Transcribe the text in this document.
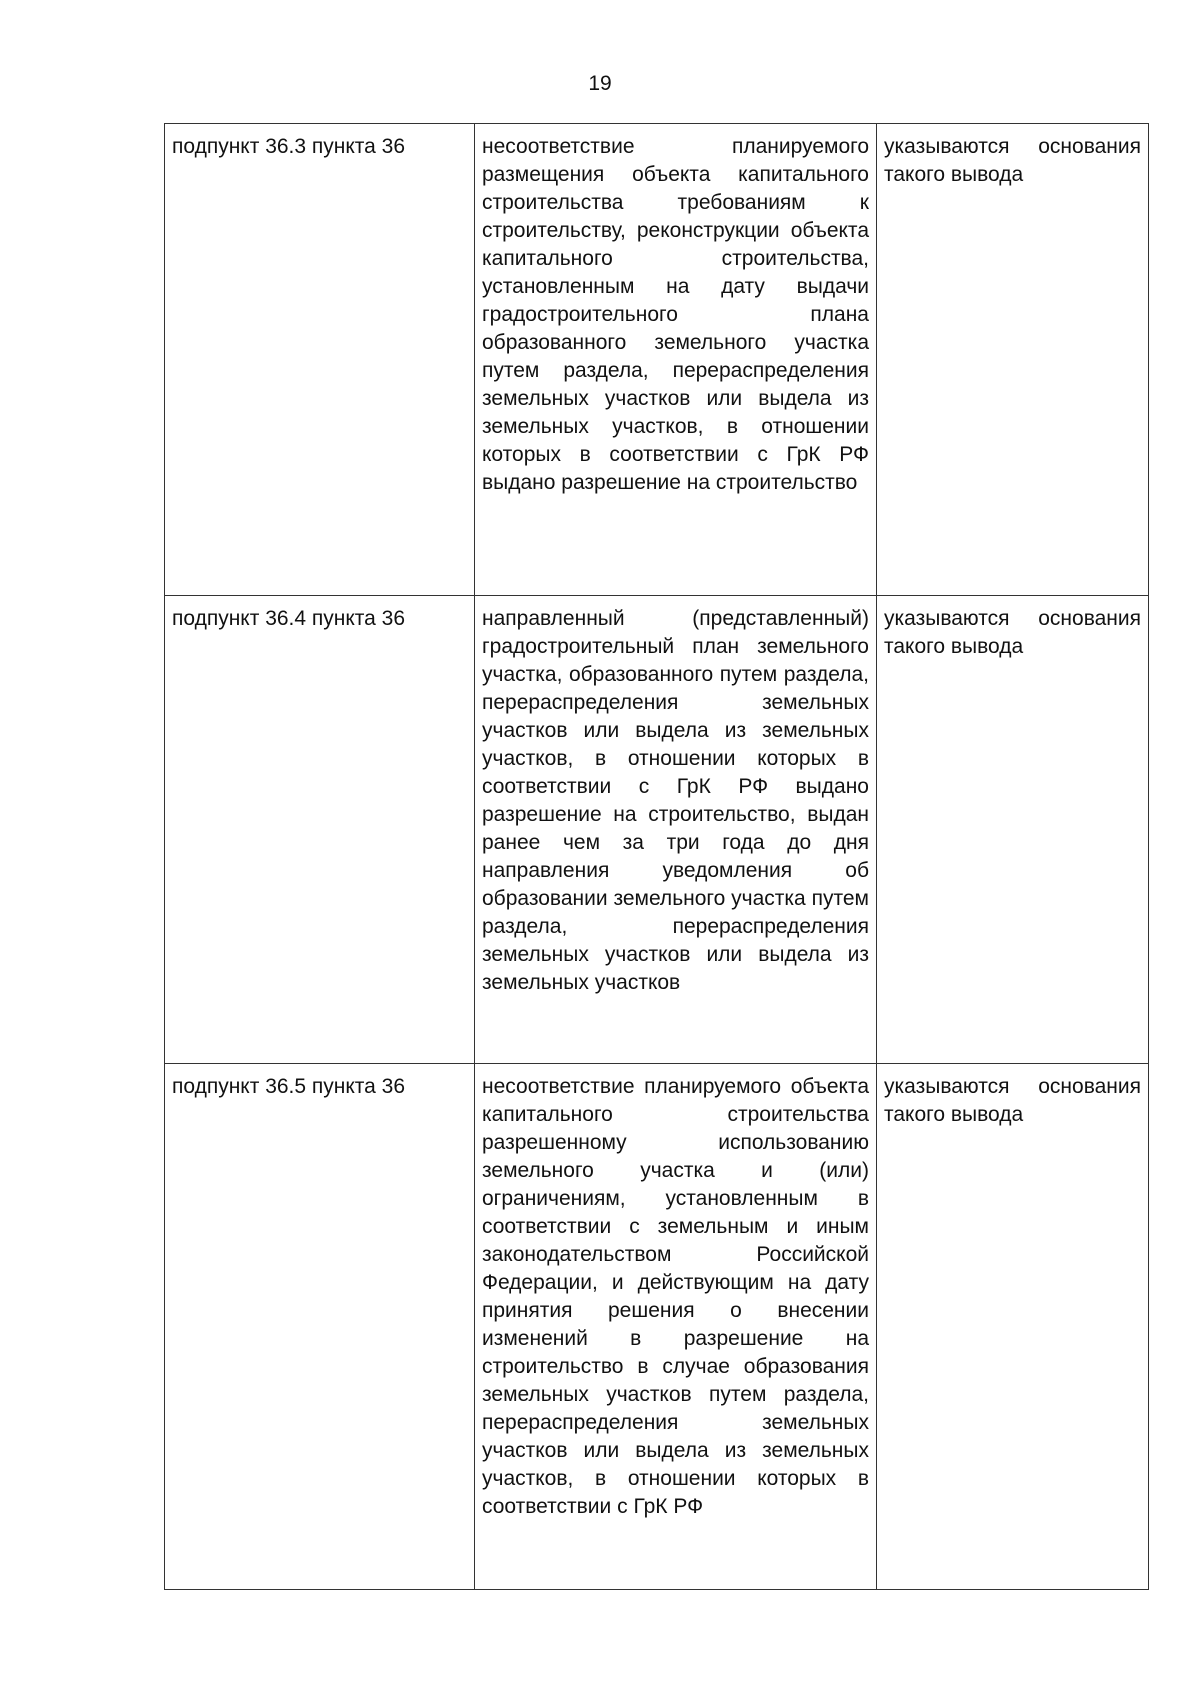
19
подпункт 36.3 пункта 36	несоответствие планируемого размещения объекта капитального строительства требованиям к строительству, реконструкции объекта капитального строительства, установленным на дату выдачи градостроительного плана образованного земельного участка путем раздела, перераспределения земельных участков или выдела из земельных участков, в отношении которых в соответствии с ГрК РФ выдано разрешение на строительство	указываются основания такого вывода
подпункт 36.4 пункта 36	направленный (представленный) градостроительный план земельного участка, образованного путем раздела, перераспределения земельных участков или выдела из земельных участков, в отношении которых в соответствии с ГрК РФ выдано разрешение на строительство, выдан ранее чем за три года до дня направления уведомления об образовании земельного участка путем раздела, перераспределения земельных участков или выдела из земельных участков	указываются основания такого вывода
подпункт 36.5 пункта 36	несоответствие планируемого объекта капитального строительства разрешенному использованию земельного участка и (или) ограничениям, установленным в соответствии с земельным и иным законодательством Российской Федерации, и действующим на дату принятия решения о внесении изменений в разрешение на строительство в случае образования земельных участков путем раздела, перераспределения земельных участков или выдела из земельных участков, в отношении которых в соответствии с ГрК РФ	указываются основания такого вывода
